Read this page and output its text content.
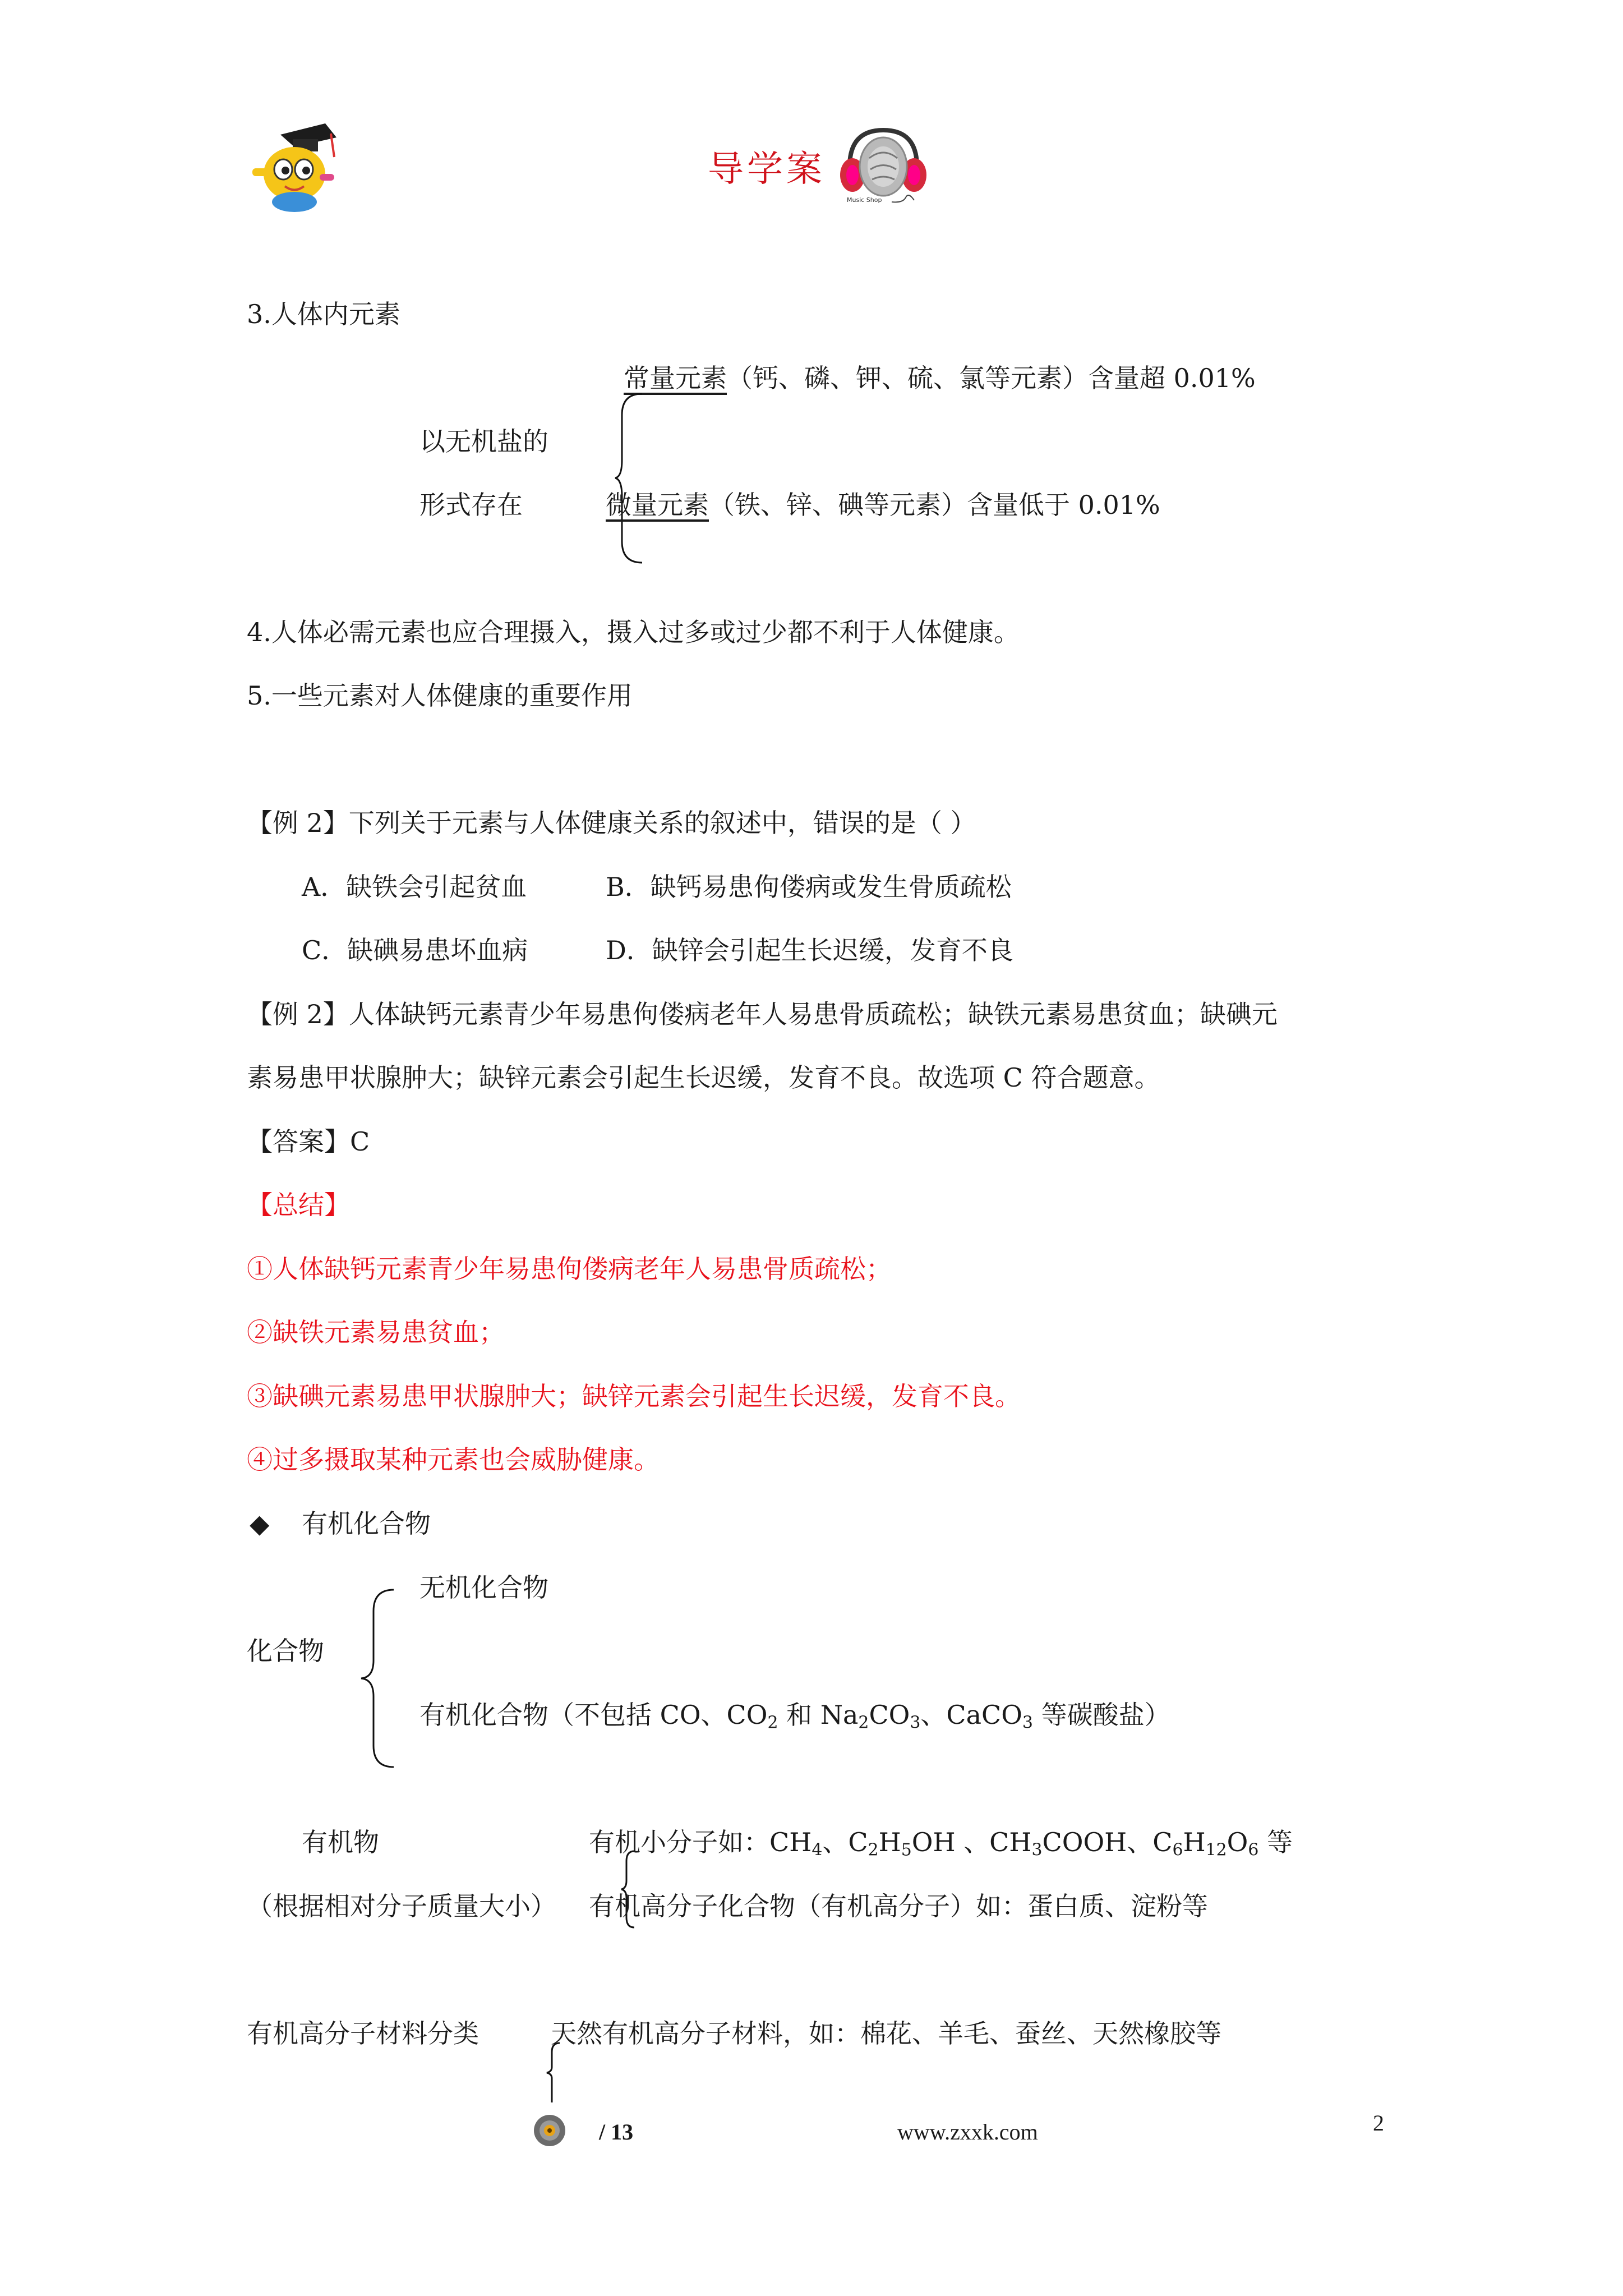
导学案
Music Shop
3.人体内元素
常量元素（钙、磷、钾、硫、氯等元素）含量超 0.01%
以无机盐的
形式存在	微量元素（铁、锌、碘等元素）含量低于 0.01%
4.人体必需元素也应合理摄入，摄入过多或过少都不利于人体健康。
5.一些元素对人体健康的重要作用
【例 2】下列关于元素与人体健康关系的叙述中，错误的是（ ）
A．缺铁会引起贫血	B．缺钙易患佝偻病或发生骨质疏松
C．缺碘易患坏血病	D．缺锌会引起生长迟缓，发育不良
【例 2】人体缺钙元素青少年易患佝偻病老年人易患骨质疏松；缺铁元素易患贫血；缺碘元
素易患甲状腺肿大；缺锌元素会引起生长迟缓，发育不良。故选项 C 符合题意。
【答案】C
【总结】
①人体缺钙元素青少年易患佝偻病老年人易患骨质疏松；
②缺铁元素易患贫血；
③缺碘元素易患甲状腺肿大；缺锌元素会引起生长迟缓，发育不良。
④过多摄取某种元素也会威胁健康。
◆ 有机化合物
无机化合物
化合物
有机化合物（不包括 CO、$CO_2$ 和 $Na_2CO_3$、CaCO$_3$ 等碳酸盐）
有机物	有机小分子如：$CH_4$、$C_2H_5OH$ 、$CH_3COOH$、$C_6H_{12}O_6$ 等
（根据相对分子质量大小） 有机高分子化合物（有机高分子）如：蛋白质、淀粉等
有机高分子材料分类	天然有机高分子材料，如：棉花、羊毛、蚕丝、天然橡胶等
/ 13	www.zxxk.com	2
